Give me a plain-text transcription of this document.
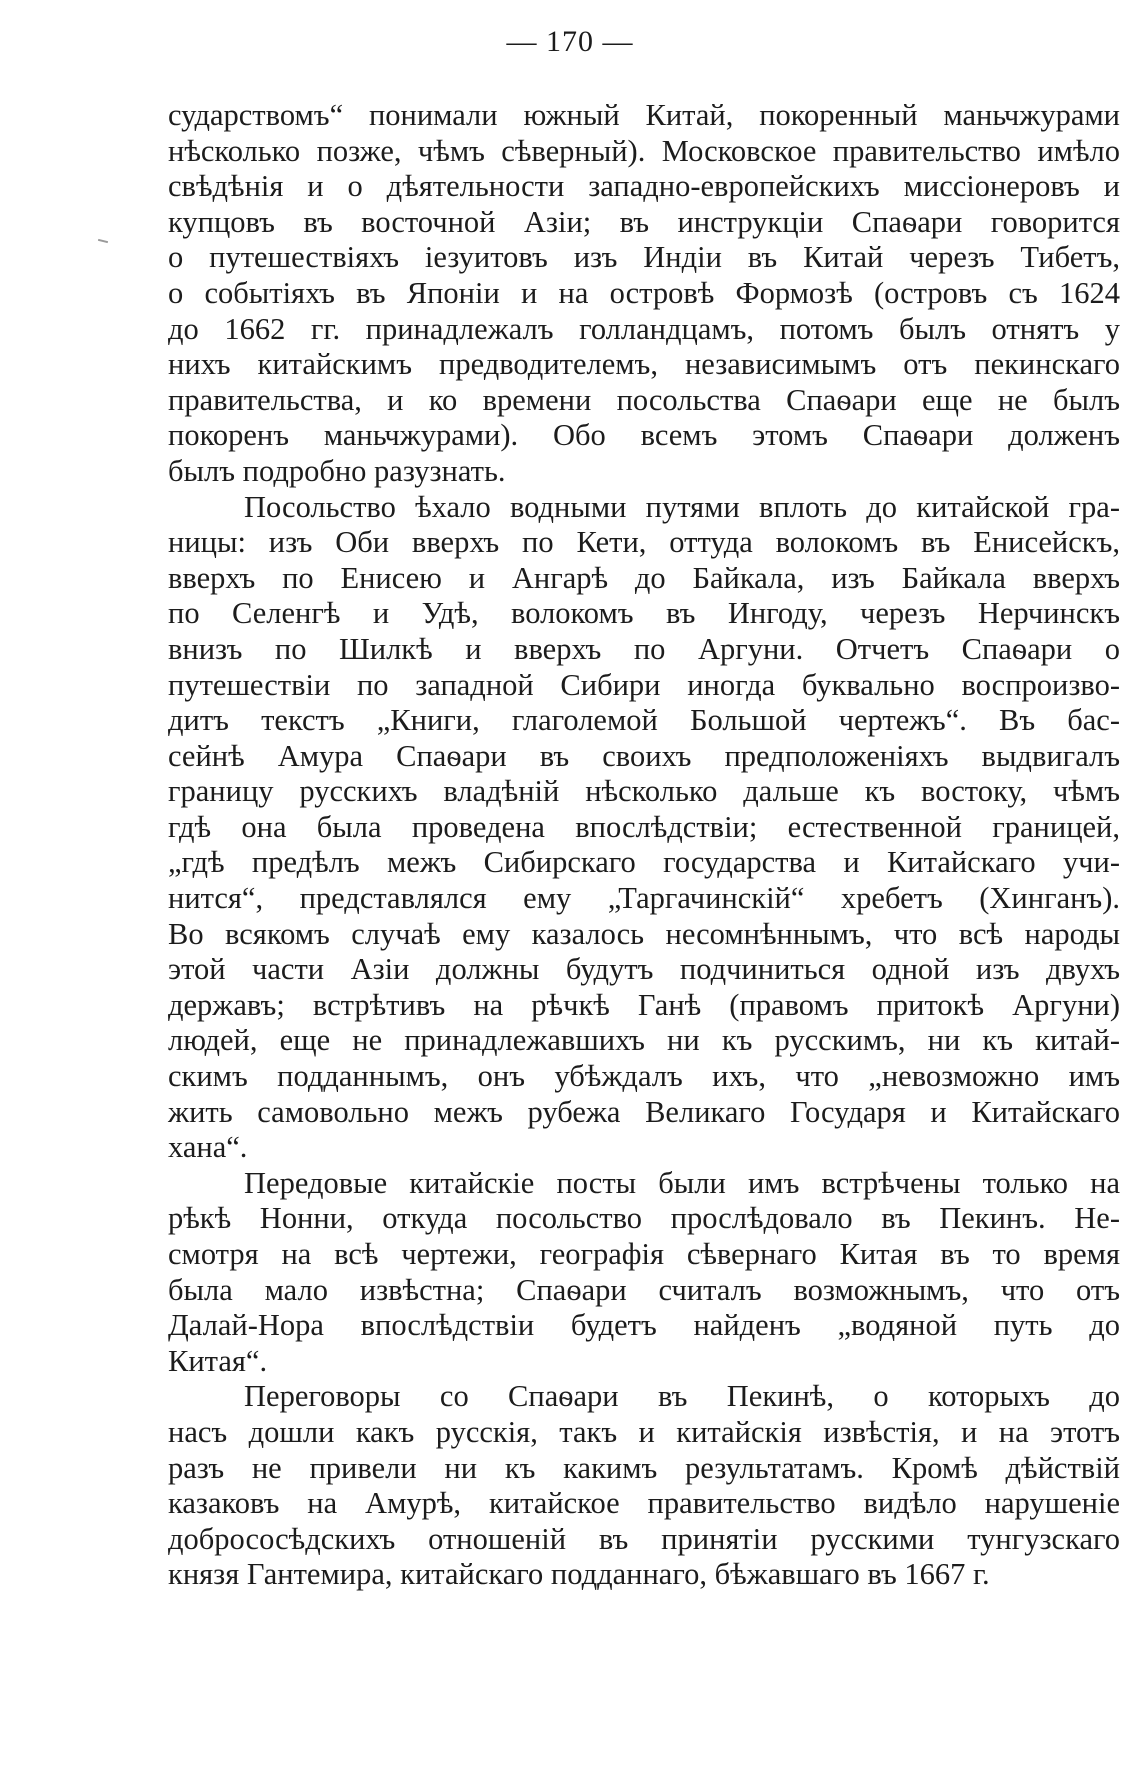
— 170 —
сударствомъ“ понимали южный Китай, покоренный маньчжурами
нѣсколько позже, чѣмъ сѣверный). Московское правительство имѣло
свѣдѣнія и о дѣятельности западно-европейскихъ миссіонеровъ и
купцовъ въ восточной Азіи; въ инструкціи Спаѳари говорится
о путешествіяхъ іезуитовъ изъ Индіи въ Китай черезъ Тибетъ,
о событіяхъ въ Японіи и на островѣ Формозѣ (островъ съ 1624
до 1662 гг. принадлежалъ голландцамъ, потомъ былъ отнятъ у
нихъ китайскимъ предводителемъ, независимымъ отъ пекинскаго
правительства, и ко времени посольства Спаѳари еще не былъ
покоренъ маньчжурами). Обо всемъ этомъ Спаѳари долженъ
былъ подробно разузнать.
Посольство ѣхало водными путями вплоть до китайской гра-
ницы: изъ Оби вверхъ по Кети, оттуда волокомъ въ Енисейскъ,
вверхъ по Енисею и Ангарѣ до Байкала, изъ Байкала вверхъ
по Селенгѣ и Удѣ, волокомъ въ Ингоду, черезъ Нерчинскъ
внизъ по Шилкѣ и вверхъ по Аргуни. Отчетъ Спаѳари о
путешествіи по западной Сибири иногда буквально воспроизво-
дитъ текстъ „Книги, глаголемой Большой чертежъ“. Въ бас-
сейнѣ Амура Спаѳари въ своихъ предположеніяхъ выдвигалъ
границу русскихъ владѣній нѣсколько дальше къ востоку, чѣмъ
гдѣ она была проведена впослѣдствіи; естественной границей,
„гдѣ предѣлъ межъ Сибирскаго государства и Китайскаго учи-
нится“, представлялся ему „Таргачинскій“ хребетъ (Хинганъ).
Во всякомъ случаѣ ему казалось несомнѣннымъ, что всѣ народы
этой части Азіи должны будутъ подчиниться одной изъ двухъ
державъ; встрѣтивъ на рѣчкѣ Ганѣ (правомъ притокѣ Аргуни)
людей, еще не принадлежавшихъ ни къ русскимъ, ни къ китай-
скимъ подданнымъ, онъ убѣждалъ ихъ, что „невозможно имъ
жить самовольно межъ рубежа Великаго Государя и Китайскаго
хана“.
Передовые китайскіе посты были имъ встрѣчены только на
рѣкѣ Нонни, откуда посольство прослѣдовало въ Пекинъ. Не-
смотря на всѣ чертежи, географія сѣвернаго Китая въ то время
была мало извѣстна; Спаѳари считалъ возможнымъ, что отъ
Далай-Нора впослѣдствіи будетъ найденъ „водяной путь до
Китая“.
Переговоры со Спаѳари въ Пекинѣ, о которыхъ до
насъ дошли какъ русскія, такъ и китайскія извѣстія, и на этотъ
разъ не привели ни къ какимъ результатамъ. Кромѣ дѣйствій
казаковъ на Амурѣ, китайское правительство видѣло нарушеніе
добрососѣдскихъ отношеній въ принятіи русскими тунгузскаго
князя Гантемира, китайскаго подданнаго, бѣжавшаго въ 1667 г.
